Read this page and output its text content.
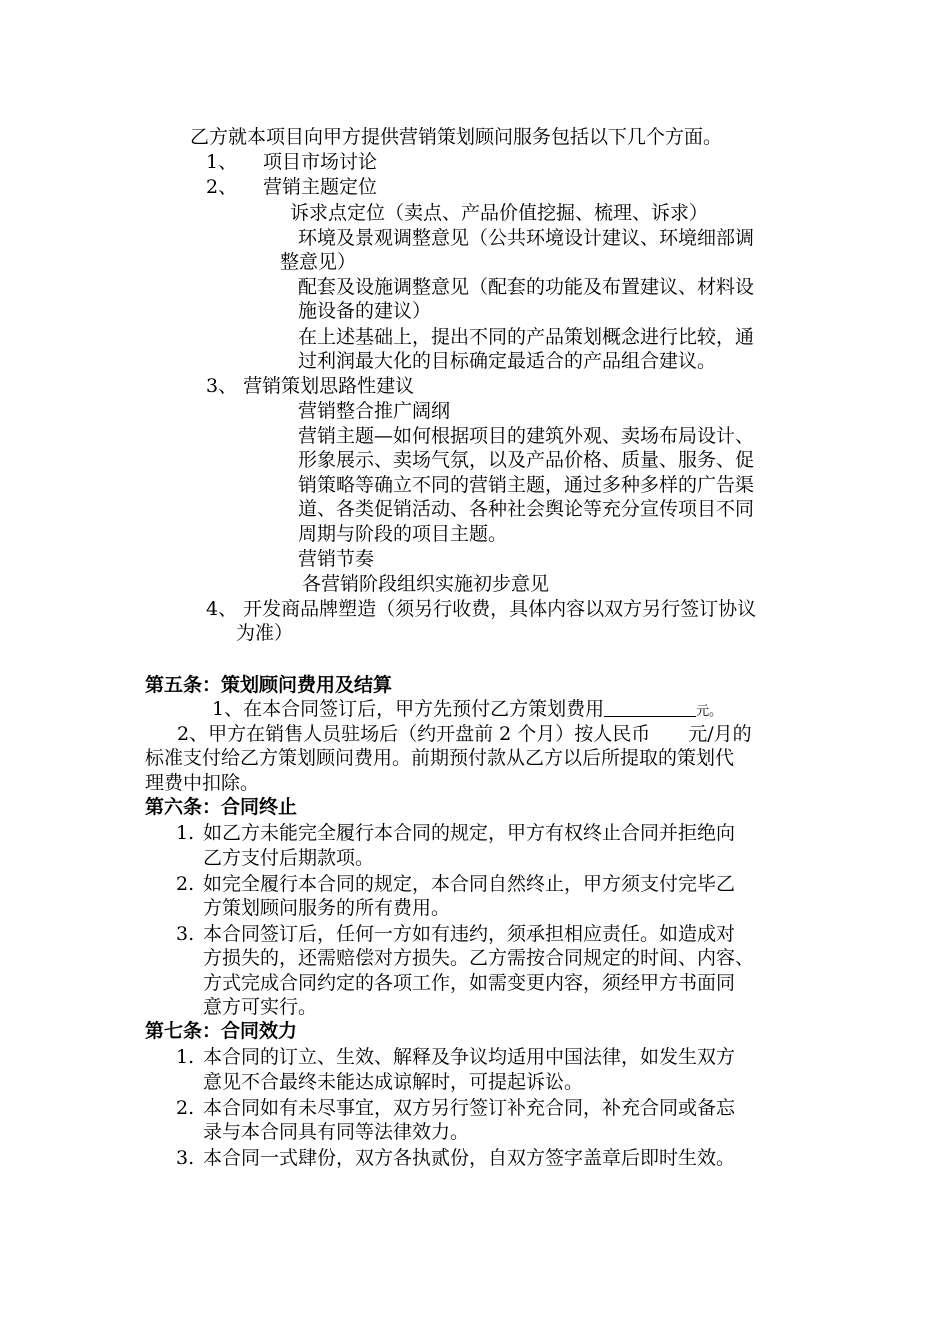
乙方就本项目向甲方提供营销策划顾问服务包括以下几个方面。
1、 项目市场讨论
2、 营销主题定位
诉求点定位（卖点、产品价值挖掘、梳理、诉求）
环境及景观调整意见（公共环境设计建议、环境细部调
整意见）
配套及设施调整意见（配套的功能及布置建议、材料设
施设备的建议）
在上述基础上，提出不同的产品策划概念进行比较，通
过利润最大化的目标确定最适合的产品组合建议。
3、 营销策划思路性建议
营销整合推广阔纲
营销主题—如何根据项目的建筑外观、卖场布局设计、
形象展示、卖场气氛，以及产品价格、质量、服务、促
销策略等确立不同的营销主题，通过多种多样的广告渠
道、各类促销活动、各种社会舆论等充分宣传项目不同
周期与阶段的项目主题。
营销节奏
各营销阶段组织实施初步意见
4、 开发商品牌塑造（须另行收费，具体内容以双方另行签订协议
为准）
第五条：策划顾问费用及结算
1、在本合同签订后，甲方先预付乙方策划费用	元。
2、甲方在销售人员驻场后（约开盘前 2 个月）按人民币　　元/月的
标准支付给乙方策划顾问费用。前期预付款从乙方以后所提取的策划代
理费中扣除。
第六条：合同终止
1. 如乙方未能完全履行本合同的规定，甲方有权终止合同并拒绝向
乙方支付后期款项。
2. 如完全履行本合同的规定，本合同自然终止，甲方须支付完毕乙
方策划顾问服务的所有费用。
3. 本合同签订后，任何一方如有违约，须承担相应责任。如造成对
方损失的，还需赔偿对方损失。乙方需按合同规定的时间、内容、
方式完成合同约定的各项工作，如需变更内容，须经甲方书面同
意方可实行。
第七条：合同效力
1. 本合同的订立、生效、解释及争议均适用中国法律，如发生双方
意见不合最终未能达成谅解时，可提起诉讼。
2. 本合同如有未尽事宜，双方另行签订补充合同，补充合同或备忘
录与本合同具有同等法律效力。
3. 本合同一式肆份，双方各执贰份，自双方签字盖章后即时生效。
